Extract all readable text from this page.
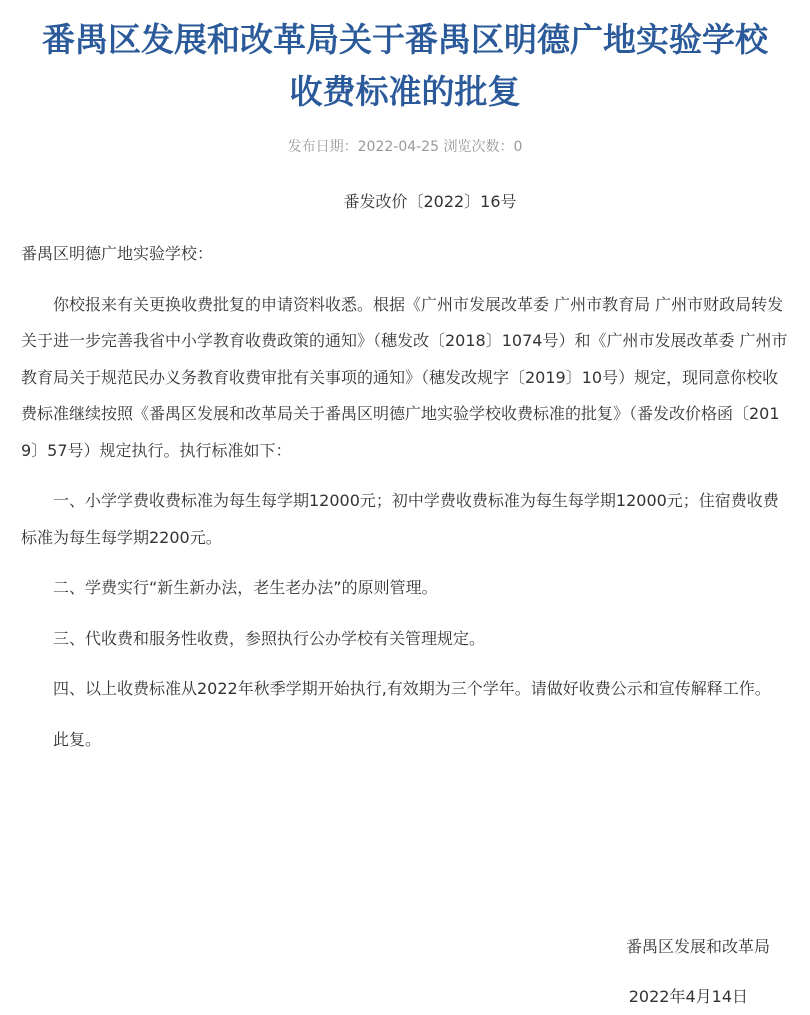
番禺区发展和改革局关于番禺区明德广地实验学校
收费标准的批复
发布日期：2022-04-25 浏览次数：0
番发改价〔2022〕16号

番禺区明德广地实验学校：

你校报来有关更换收费批复的申请资料收悉。根据《广州市发展改革委 广州市教育局 广州市财政局转发关于进一步完善我省中小学教育收费政策的通知》（穗发改〔2018〕1074号）和《广州市发展改革委 广州市教育局关于规范民办义务教育收费审批有关事项的通知》（穗发改规字〔2019〕10号）规定，现同意你校收费标准继续按照《番禺区发展和改革局关于番禺区明德广地实验学校收费标准的批复》（番发改价格函〔2019〕57号）规定执行。执行标准如下：

一、小学学费收费标准为每生每学期12000元；初中学费收费标准为每生每学期12000元；住宿费收费标准为每生每学期2200元。

二、学费实行“新生新办法，老生老办法”的原则管理。

三、代收费和服务性收费，参照执行公办学校有关管理规定。

四、以上收费标准从2022年秋季学期开始执行,有效期为三个学年。请做好收费公示和宣传解释工作。

此复。

番禺区发展和改革局
2022年4月14日
